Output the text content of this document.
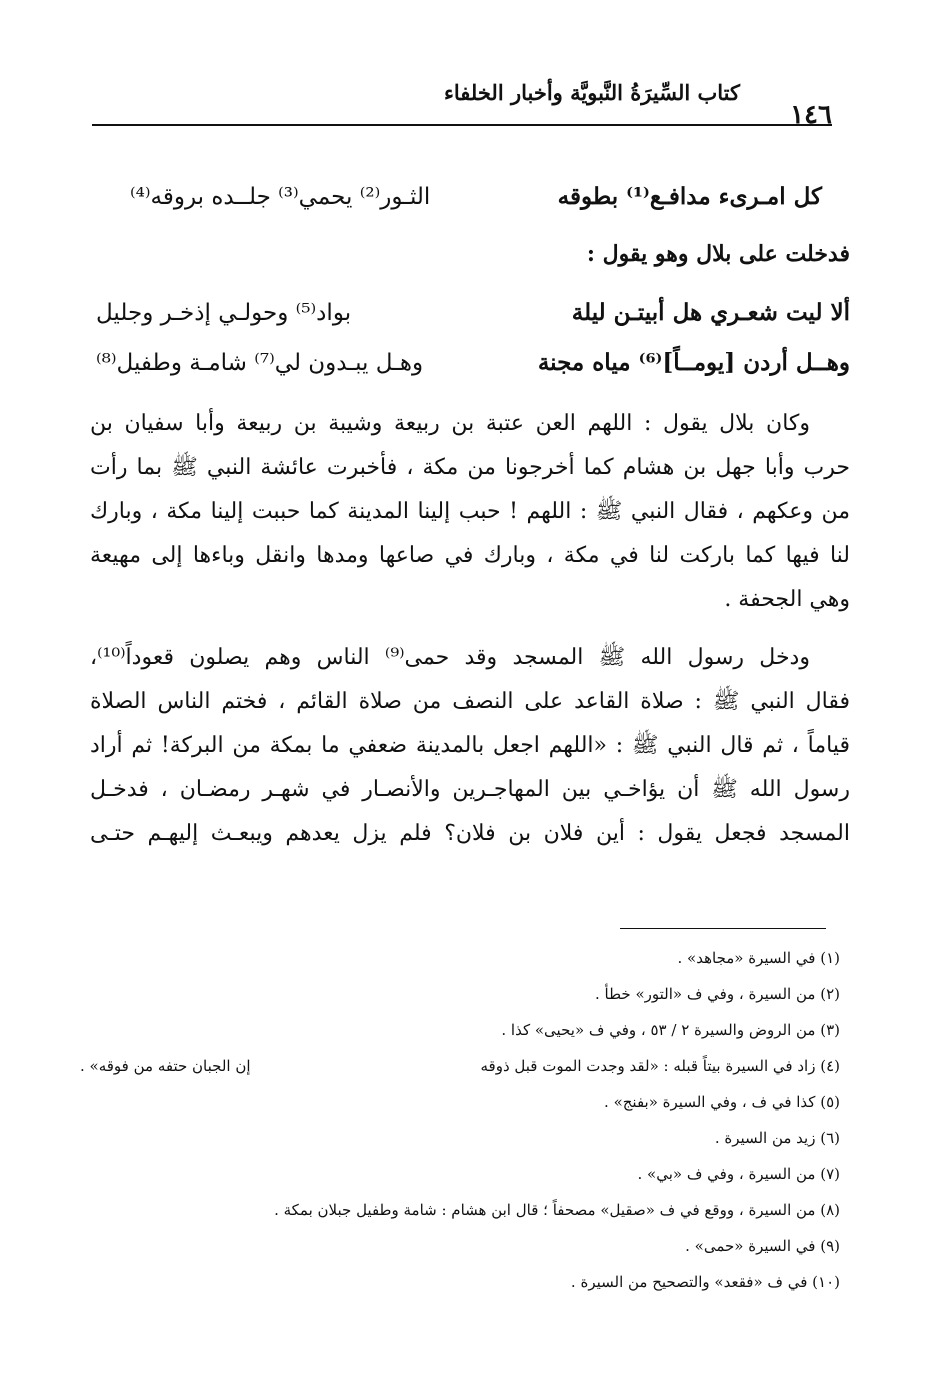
١٤٦
كتاب السِّيرَةُ النَّبويَّة وأخبار الخلفاء
كل امـرىء مدافـع⁽¹⁾ بطوقه
الثـور⁽²⁾ يحمي⁽³⁾ جلــده بروقه⁽⁴⁾
فدخلت على بلال وهو يقول :
ألا ليت شعـري هل أبيتـن ليلة
بواد⁽⁵⁾ وحولـي إذخـر وجليل
وهــل أردن [يومــاً]⁽⁶⁾ مياه مجنة
وهـل يبـدون لي⁽⁷⁾ شامـة وطفيل⁽⁸⁾

وكان بلال يقول : اللهم العن عتبة بن ربيعة وشيبة بن ربيعة وأبا سفيان بن
حرب وأبا جهل بن هشام كما أخرجونا من مكة ، فأخبرت عائشة النبي ﷺ بما رأت
من وعكهم ، فقال النبي ﷺ : اللهم ! حبب إلينا المدينة كما حببت إلينا مكة ، وبارك
لنا فيها كما باركت لنا في مكة ، وبارك في صاعها ومدها وانقل وباءها إلى مهيعة
وهي الجحفة .

ودخل رسول الله ﷺ المسجد وقد حمى⁽⁹⁾ الناس وهم يصلون قعوداً⁽¹⁰⁾،
فقال النبي ﷺ : صلاة القاعد على النصف من صلاة القائم ، فختم الناس الصلاة
قياماً ، ثم قال النبي ﷺ : «اللهم اجعل بالمدينة ضعفي ما بمكة من البركة! ثم أراد
رسول الله ﷺ أن يؤاخـي بين المهاجـرين والأنصـار في شهـر رمضـان ، فدخـل
المسجد فجعل يقول : أين فلان بن فلان؟ فلم يزل يعدهم ويبعـث إليهـم حتـى

(١) في السيرة «مجاهد» .
(٢) من السيرة ، وفي ف «التور» خطأ .
(٣) من الروض والسيرة ٢ / ٥٣ ، وفي ف «يحيى» كذا .
(٤) زاد في السيرة بيتاً قبله : «لقد وجدت الموت قبل ذوقه
إن الجبان حتفه من فوقه» .
(٥) كذا في ف ، وفي السيرة «بفنج» .
(٦) زيد من السيرة .
(٧) من السيرة ، وفي ف «بي» .
(٨) من السيرة ، ووقع في ف «صقيل» مصحفاً ؛ قال ابن هشام : شامة وطفيل جبلان بمكة .
(٩) في السيرة «حمى» .
(١٠) في ف «فقعد» والتصحيح من السيرة .
